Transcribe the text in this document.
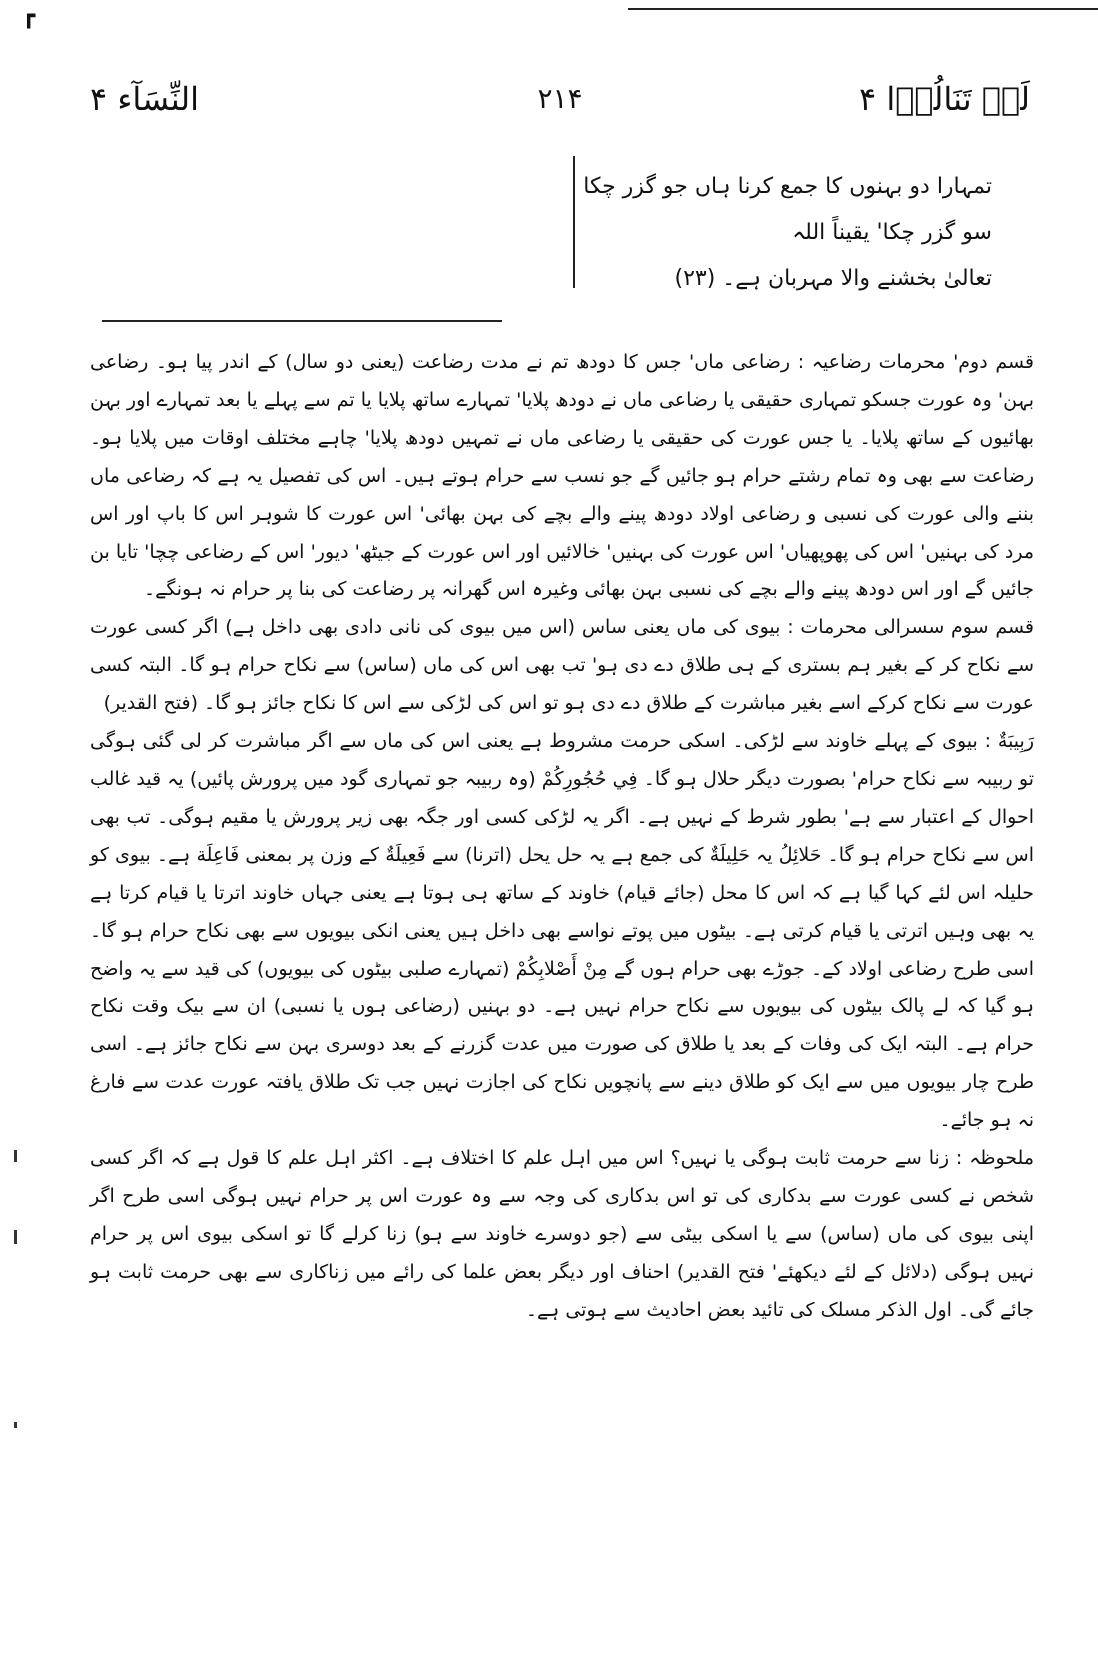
┏
لَنۡ تَنَالُوۡا ۴
۲۱۴
النِّسَآء ۴
تمہارا دو بہنوں کا جمع کرنا ہاں جو گزر چکا سو گزر چکا' یقیناً اللہ
تعالیٰ بخشنے والا مہربان ہے۔ (۲۳)

قسم دوم' محرمات رضاعیہ : رضاعی ماں' جس کا دودھ تم نے مدت رضاعت (یعنی دو سال) کے اندر پیا ہو۔ رضاعی بہن' وہ عورت جسکو تمہاری حقیقی یا رضاعی ماں نے دودھ پلایا' تمہارے ساتھ پلایا یا تم سے پہلے یا بعد تمہارے اور بہن بھائیوں کے ساتھ پلایا۔ یا جس عورت کی حقیقی یا رضاعی ماں نے تمہیں دودھ پلایا' چاہے مختلف اوقات میں پلایا ہو۔ رضاعت سے بھی وہ تمام رشتے حرام ہو جائیں گے جو نسب سے حرام ہوتے ہیں۔ اس کی تفصیل یہ ہے کہ رضاعی ماں بننے والی عورت کی نسبی و رضاعی اولاد دودھ پینے والے بچے کی بہن بھائی' اس عورت کا شوہر اس کا باپ اور اس مرد کی بہنیں' اس کی پھوپھیاں' اس عورت کی بہنیں' خالائیں اور اس عورت کے جیٹھ' دیور' اس کے رضاعی چچا' تایا بن جائیں گے اور اس دودھ پینے والے بچے کی نسبی بہن بھائی وغیرہ اس گھرانہ پر رضاعت کی بنا پر حرام نہ ہونگے۔

قسم سوم سسرالی محرمات : بیوی کی ماں یعنی ساس (اس میں بیوی کی نانی دادی بھی داخل ہے) اگر کسی عورت سے نکاح کر کے بغیر ہم بستری کے ہی طلاق دے دی ہو' تب بھی اس کی ماں (ساس) سے نکاح حرام ہو گا۔ البتہ کسی عورت سے نکاح کرکے اسے بغیر مباشرت کے طلاق دے دی ہو تو اس کی لڑکی سے اس کا نکاح جائز ہو گا۔ (فتح القدیر)

رَبِيبَةٌ : بیوی کے پہلے خاوند سے لڑکی۔ اسکی حرمت مشروط ہے یعنی اس کی ماں سے اگر مباشرت کر لی گئی ہوگی تو ربیبہ سے نکاح حرام' بصورت دیگر حلال ہو گا۔ فِي حُجُورِكُمْ (وہ ربیبہ جو تمہاری گود میں پرورش پائیں) یہ قید غالب احوال کے اعتبار سے ہے' بطور شرط کے نہیں ہے۔ اگر یہ لڑکی کسی اور جگہ بھی زیر پرورش یا مقیم ہوگی۔ تب بھی اس سے نکاح حرام ہو گا۔ حَلائِلُ یہ حَلِيلَةٌ کی جمع ہے یہ حل یحل (اترنا) سے فَعِيلَةٌ کے وزن پر بمعنی فَاعِلَة ہے۔ بیوی کو حلیلہ اس لئے کہا گیا ہے کہ اس کا محل (جائے قیام) خاوند کے ساتھ ہی ہوتا ہے یعنی جہاں خاوند اترتا یا قیام کرتا ہے یہ بھی وہیں اترتی یا قیام کرتی ہے۔ بیٹوں میں پوتے نواسے بھی داخل ہیں یعنی انکی بیویوں سے بھی نکاح حرام ہو گا۔ اسی طرح رضاعی اولاد کے۔ جوڑے بھی حرام ہوں گے مِنْ أَصْلابِكُمْ (تمہارے صلبی بیٹوں کی بیویوں) کی قید سے یہ واضح ہو گیا کہ لے پالک بیٹوں کی بیویوں سے نکاح حرام نہیں ہے۔ دو بہنیں (رضاعی ہوں یا نسبی) ان سے بیک وقت نکاح حرام ہے۔ البتہ ایک کی وفات کے بعد یا طلاق کی صورت میں عدت گزرنے کے بعد دوسری بہن سے نکاح جائز ہے۔ اسی طرح چار بیویوں میں سے ایک کو طلاق دینے سے پانچویں نکاح کی اجازت نہیں جب تک طلاق یافتہ عورت عدت سے فارغ نہ ہو جائے۔

ملحوظہ : زنا سے حرمت ثابت ہوگی یا نہیں؟ اس میں اہل علم کا اختلاف ہے۔ اکثر اہل علم کا قول ہے کہ اگر کسی شخص نے کسی عورت سے بدکاری کی تو اس بدکاری کی وجہ سے وہ عورت اس پر حرام نہیں ہوگی اسی طرح اگر اپنی بیوی کی ماں (ساس) سے یا اسکی بیٹی سے (جو دوسرے خاوند سے ہو) زنا کرلے گا تو اسکی بیوی اس پر حرام نہیں ہوگی (دلائل کے لئے دیکھئے' فتح القدیر) احناف اور دیگر بعض علما کی رائے میں زناکاری سے بھی حرمت ثابت ہو جائے گی۔ اول الذکر مسلک کی تائید بعض احادیث سے ہوتی ہے۔
